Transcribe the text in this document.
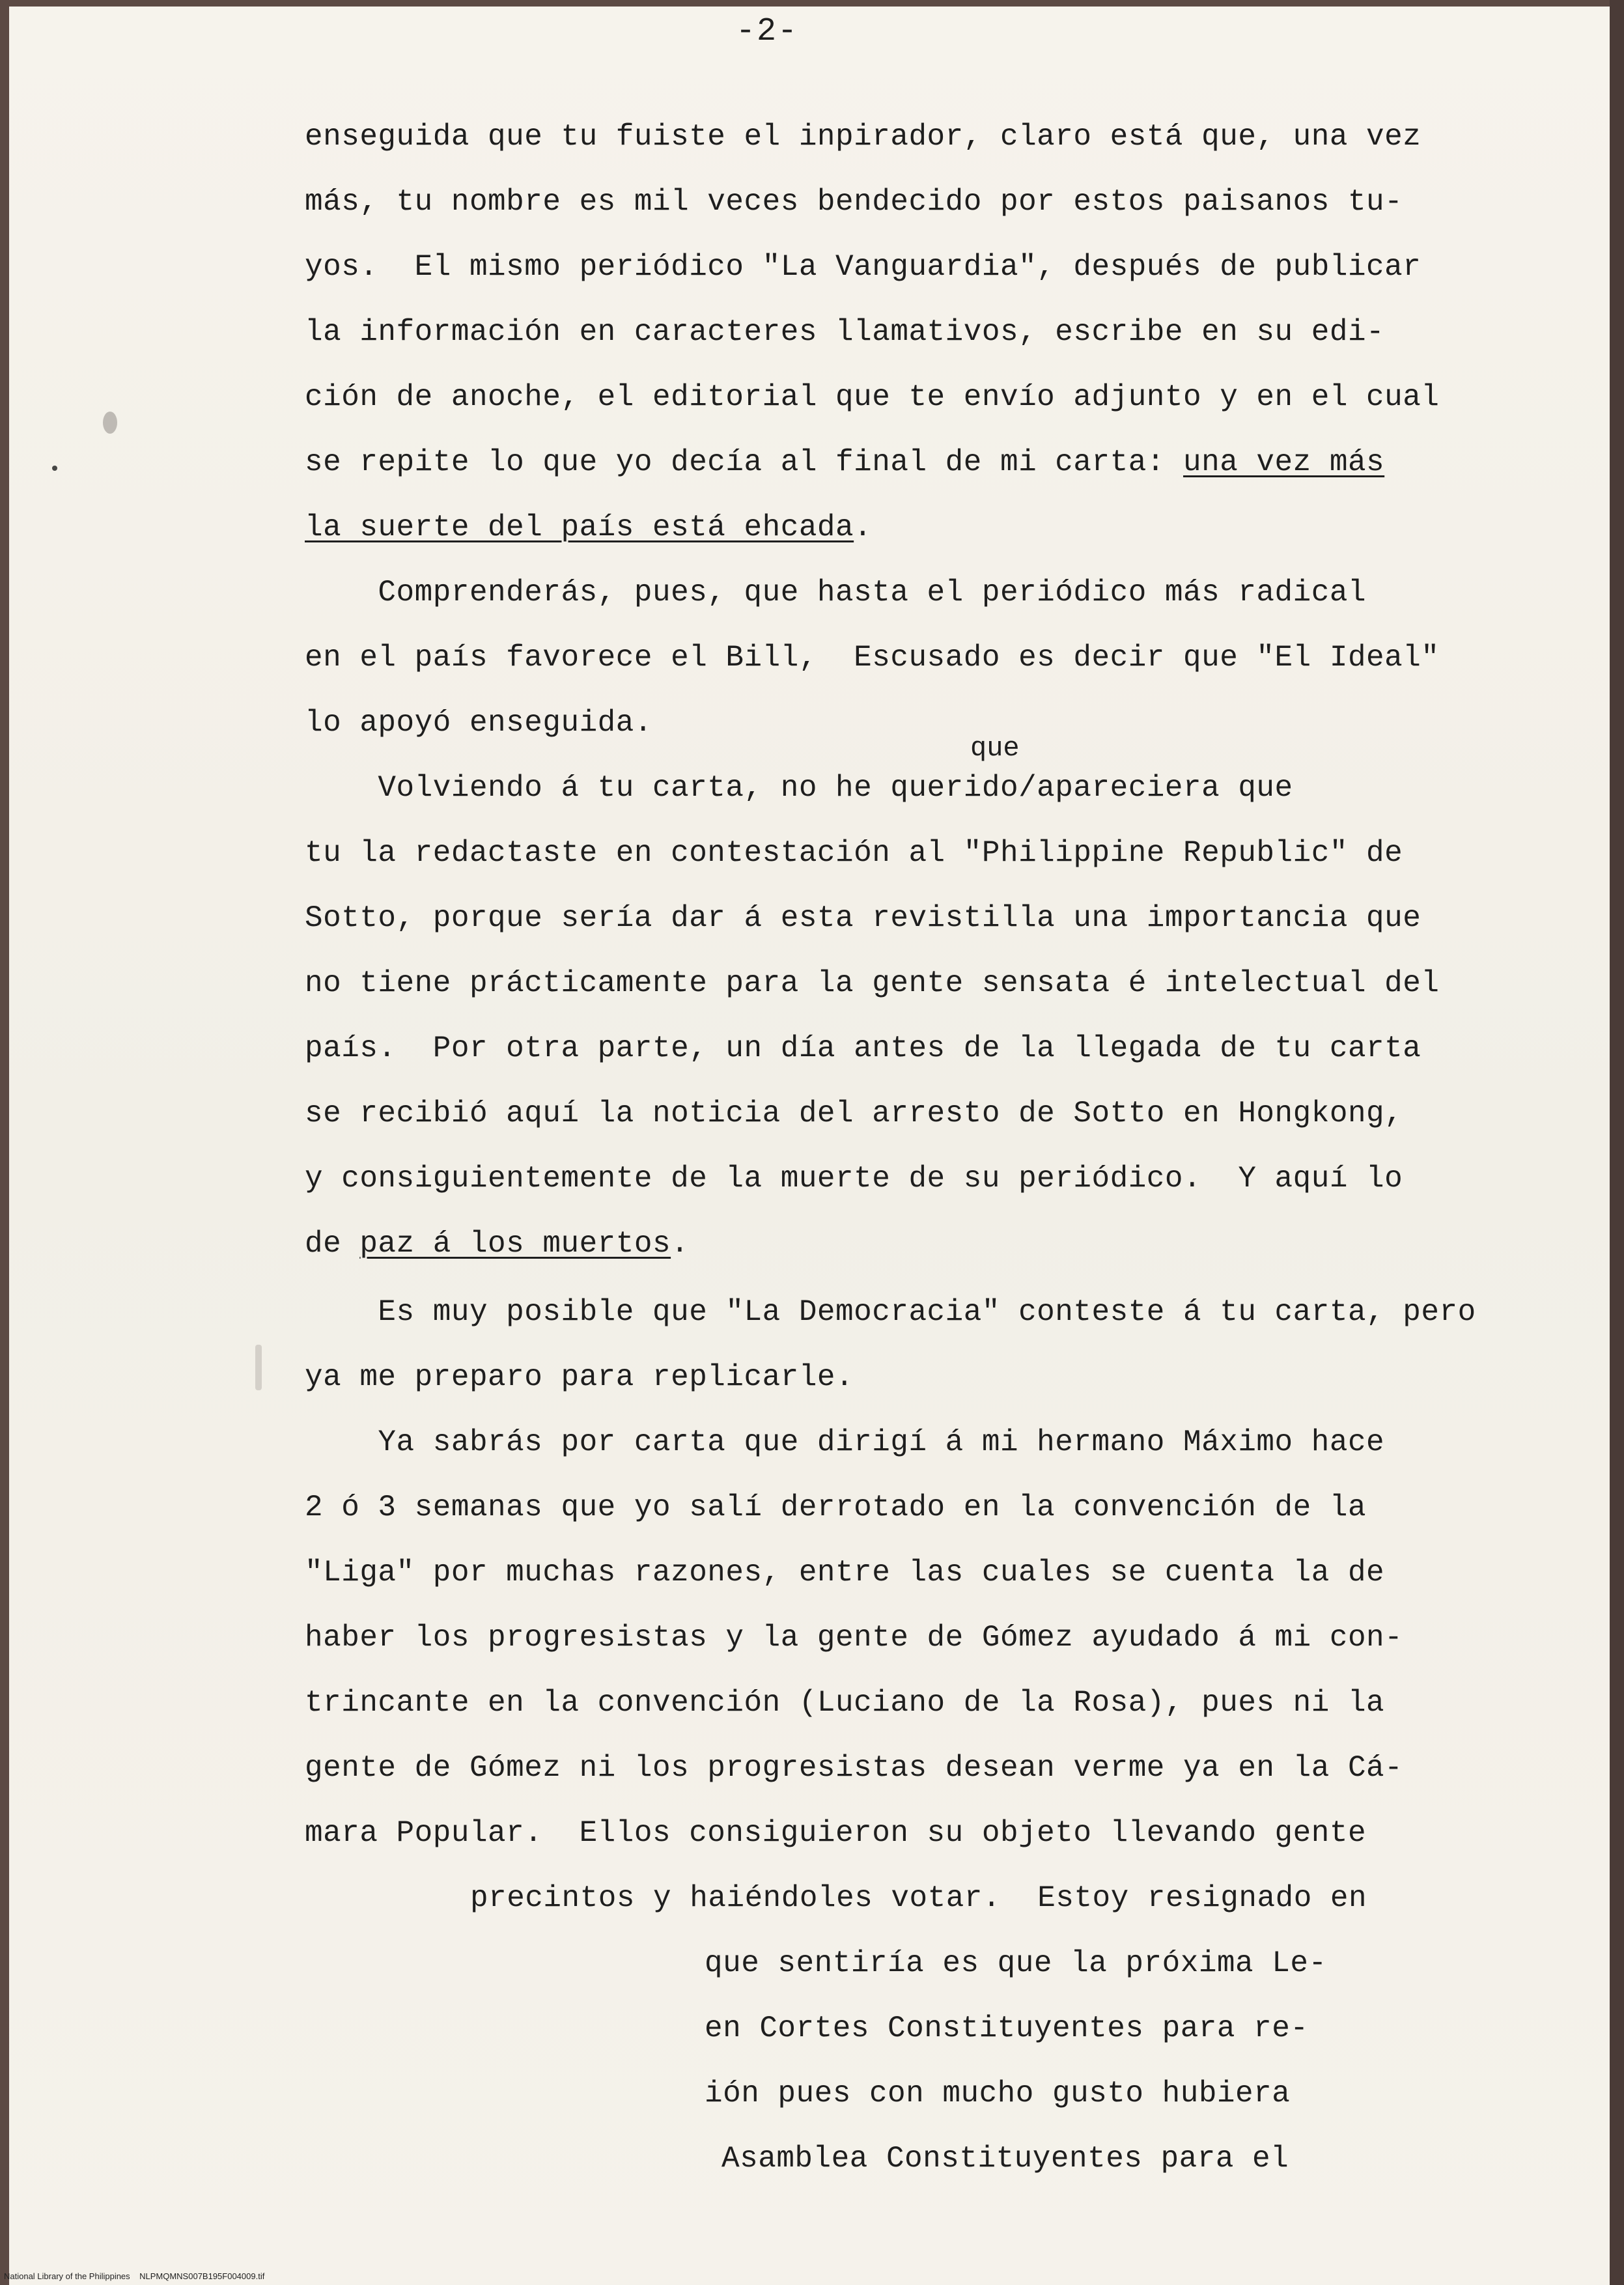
-2-
enseguida que tu fuiste el inpirador, claro está que, una vez
más, tu nombre es mil veces bendecido por estos paisanos tu-
yos.  El mismo periódico "La Vanguardia", después de publicar
la información en caracteres llamativos, escribe en su edi-
ción de anoche, el editorial que te envío adjunto y en el cual
se repite lo que yo decía al final de mi carta: una vez más
la suerte del país está ehcada.
Comprenderás, pues, que hasta el periódico más radical
en el país favorece el Bill,  Escusado es decir que "El Ideal"
lo apoyó enseguida.
Volviendo á tu carta, no he querido/apareciera que
tu la redactaste en contestación al "Philippine Republic" de
Sotto, porque sería dar á esta revistilla una importancia que
no tiene prácticamente para la gente sensata é intelectual del
país.  Por otra parte, un día antes de la llegada de tu carta
se recibió aquí la noticia del arresto de Sotto en Hongkong,
y consiguientemente de la muerte de su periódico.  Y aquí lo
de paz á los muertos.
Es muy posible que "La Democracia" conteste á tu carta, pero
ya me preparo para replicarle.
Ya sabrás por carta que dirigí á mi hermano Máximo hace
2 ó 3 semanas que yo salí derrotado en la convención de la
"Liga" por muchas razones, entre las cuales se cuenta la de
haber los progresistas y la gente de Gómez ayudado á mi con-
trincante en la convención (Luciano de la Rosa), pues ni la
gente de Gómez ni los progresistas desean verme ya en la Cá-
mara Popular.  Ellos consiguieron su objeto llevando gente
precintos y haiéndoles votar.  Estoy resignado en
que sentiría es que la próxima Le-
en Cortes Constituyentes para re-
ión pues con mucho gusto hubiera
Asamblea Constituyentes para el
que
National Library of the Philippines    NLPMQMNS007B195F004009.tif
